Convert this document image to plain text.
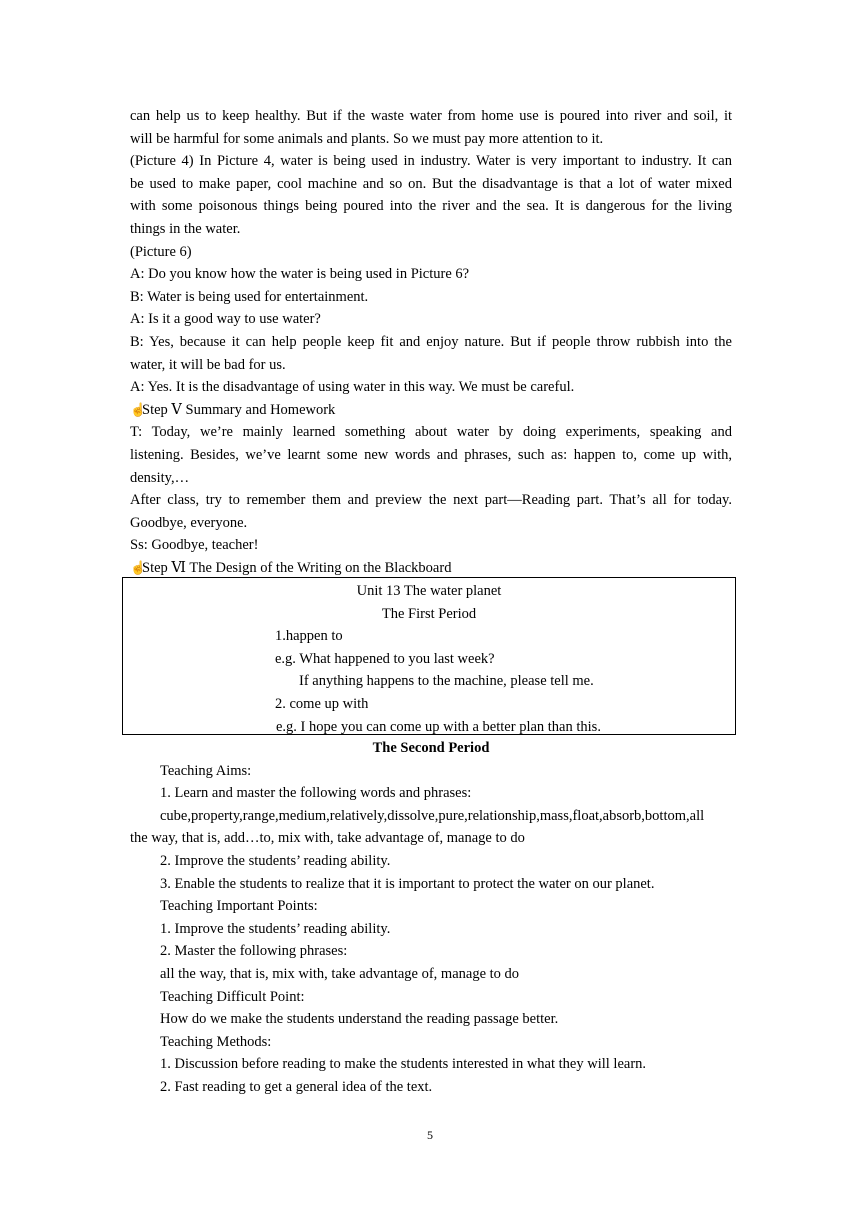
can help us to keep healthy. But if the waste water from home use is poured into river and soil, it
will be harmful for some animals and plants. So we must pay more attention to it.
(Picture 4) In Picture 4, water is being used in industry. Water is very important to industry. It can
be used to make paper, cool machine and so on. But the disadvantage is that a lot of water mixed
with some poisonous things being poured into the river and the sea. It is dangerous for the living
things in the water.
(Picture 6)
A: Do you know how the water is being used in Picture 6?
B: Water is being used for entertainment.
A: Is it a good way to use water?
B: Yes, because it can help people keep fit and enjoy nature. But if people throw rubbish into the
water, it will be bad for us.
A: Yes. It is the disadvantage of using water in this way. We must be careful.
☝Step Ⅴ Summary and Homework
T: Today, we’re mainly learned something about water by doing experiments, speaking and
listening. Besides, we’ve learnt some new words and phrases, such as: happen to, come up with,
density,…
After class, try to remember them and preview the next part—Reading part. That’s all for today.
Goodbye, everyone.
Ss: Goodbye, teacher!
☝Step Ⅵ The Design of the Writing on the Blackboard
Unit 13 The water planet
The First Period
1.happen to
e.g. What happened to you last week?
If anything happens to the machine, please tell me.
2. come up with
e.g. I hope you can come up with a better plan than this.
The Second Period
Teaching Aims:
1. Learn and master the following words and phrases:
cube,property,range,medium,relatively,dissolve,pure,relationship,mass,float,absorb,bottom,all
the way, that is, add…to, mix with, take advantage of, manage to do
2. Improve the students’ reading ability.
3. Enable the students to realize that it is important to protect the water on our planet.
Teaching Important Points:
1. Improve the students’ reading ability.
2. Master the following phrases:
all the way, that is, mix with, take advantage of, manage to do
Teaching Difficult Point:
How do we make the students understand the reading passage better.
Teaching Methods:
1. Discussion before reading to make the students interested in what they will learn.
2. Fast reading to get a general idea of the text.
5
